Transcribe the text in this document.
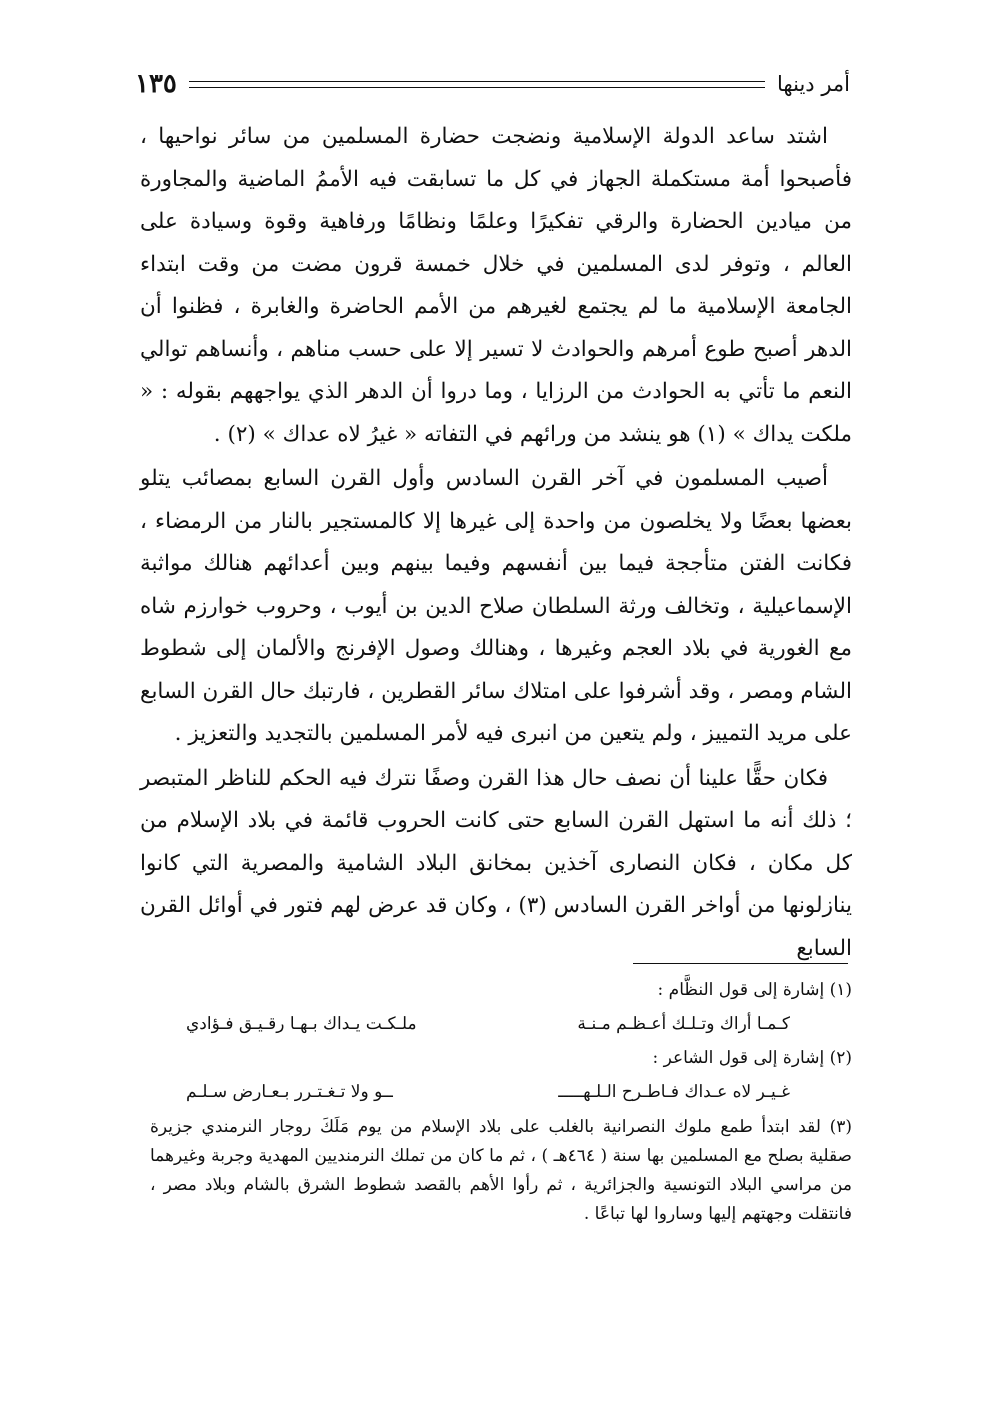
أمر دينها
١٣٥

اشتد ساعد الدولة الإسلامية ونضجت حضارة المسلمين من سائر نواحيها ، فأصبحوا أمة مستكملة الجهاز في كل ما تسابقت فيه الأممُ الماضية والمجاورة من ميادين الحضارة والرقي تفكيرًا وعلمًا ونظامًا ورفاهية وقوة وسيادة على العالم ، وتوفر لدى المسلمين في خلال خمسة قرون مضت من وقت ابتداء الجامعة الإسلامية ما لم يجتمع لغيرهم من الأمم الحاضرة والغابرة ، فظنوا أن الدهر أصبح طوع أمرهم والحوادث لا تسير إلا على حسب مناهم ، وأنساهم توالي النعم ما تأتي به الحوادث من الرزايا ، وما دروا أن الدهر الذي يواجههم بقوله : « ملكت يداك » (١) هو ينشد من ورائهم في التفاته « غيرُ لاه عداك » (٢) .

أصيب المسلمون في آخر القرن السادس وأول القرن السابع بمصائب يتلو بعضها بعضًا ولا يخلصون من واحدة إلى غيرها إلا كالمستجير بالنار من الرمضاء ، فكانت الفتن متأججة فيما بين أنفسهم وفيما بينهم وبين أعدائهم هنالك مواثبة الإسماعيلية ، وتخالف ورثة السلطان صلاح الدين بن أيوب ، وحروب خوارزم شاه مع الغورية في بلاد العجم وغيرها ، وهنالك وصول الإفرنج والألمان إلى شطوط الشام ومصر ، وقد أشرفوا على امتلاك سائر القطرين ، فارتبك حال القرن السابع على مريد التمييز ، ولم يتعين من انبرى فيه لأمر المسلمين بالتجديد والتعزيز .

فكان حقًّا علينا أن نصف حال هذا القرن وصفًا نترك فيه الحكم للناظر المتبصر ؛ ذلك أنه ما استهل القرن السابع حتى كانت الحروب قائمة في بلاد الإسلام من كل مكان ، فكان النصارى آخذين بمخانق البلاد الشامية والمصرية التي كانوا ينازلونها من أواخر القرن السادس (٣) ، وكان قد عرض لهم فتور في أوائل القرن السابع

(١) إشارة إلى قول النظَّام :

كـمـا أراك وتـلـك أعـظـم مـنـة
ملـكـت يـداك بـهـا رقـيـق فـؤادي

(٢) إشارة إلى قول الشاعر :

غـيـر لاه عـداك فـاطـرح الـلـهـــــ
ــو ولا تـغـتـرر بـعـارض سـلـم

(٣) لقد ابتدأ طمع ملوك النصرانية بالغلب على بلاد الإسلام من يوم مَلَكَ روجار النرمندي جزيرة صقلية بصلح مع المسلمين بها سنة ( ٤٦٤هـ ) ، ثم ما كان من تملك النرمنديين المهدية وجربة وغيرهما من مراسي البلاد التونسية والجزائرية ، ثم رأوا الأهم بالقصد شطوط الشرق بالشام وبلاد مصر ، فانتقلت وجهتهم إليها وساروا لها تباعًا .
